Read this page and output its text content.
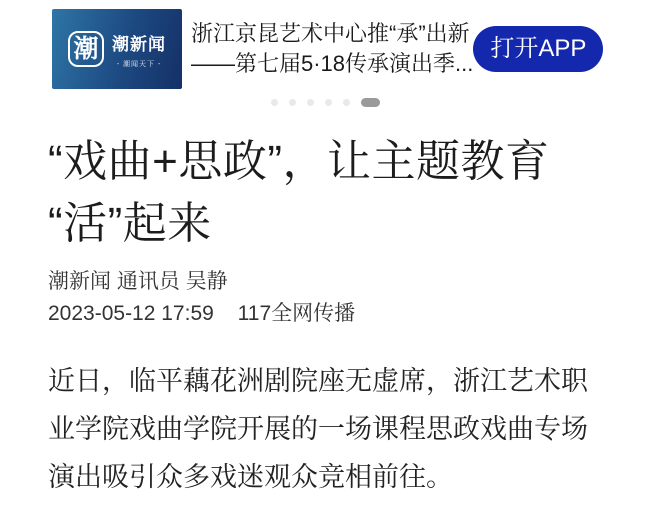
潮 潮新闻
- 潮闻天下 -
浙江京昆艺术中心推“承”出新
——第七届5·18传承演出季...
打开APP
“戏曲+思政”，让主题教育
“活”起来
潮新闻 通讯员 吴静
2023-05-12 17:59 117全网传播

近日，临平藕花洲剧院座无虚席，浙江艺术职业学院戏曲学院开展的一场课程思政戏曲专场演出吸引众多戏迷观众竞相前往。
